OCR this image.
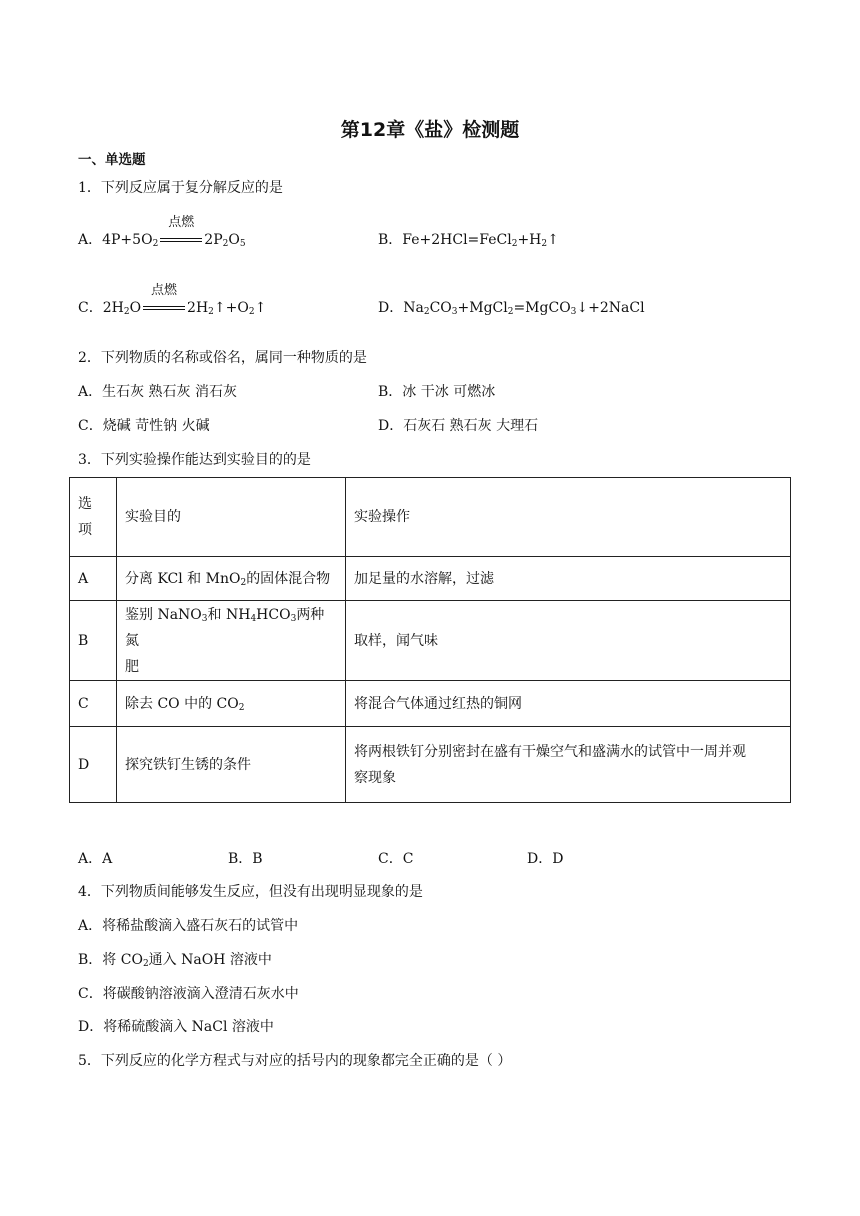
第12章《盐》检测题
一、单选题
1．下列反应属于复分解反应的是
A．$4P+5O_2$
点燃
$2P_2O_5$	B．$Fe+2HCl=FeCl_2+H_2↑$
C．$2H_2O$
点燃
$2H_2↑+O_2↑$	D．$Na_2CO_3+MgCl_2=MgCO_3↓+2NaCl$
2．下列物质的名称或俗名，属同一种物质的是
A．生石灰 熟石灰 消石灰	B．冰 干冰 可燃冰
C．烧碱 苛性钠 火碱	D．石灰石 熟石灰 大理石
3．下列实验操作能达到实验目的的是
选
项	实验目的	实验操作
A	分离 KCl 和 MnO$_2$的固体混合物	加足量的水溶解，过滤
B	鉴别 NaNO$_3$和 $NH_4HCO_3$两种氮
肥	取样，闻气味
C	除去 CO 中的 $CO_2$	将混合气体通过红热的铜网
D	探究铁钉生锈的条件	将两根铁钉分别密封在盛有干燥空气和盛满水的试管中一周并观
察现象
A．A	B．B	C．C	D．D
4．下列物质间能够发生反应，但没有出现明显现象的是
A．将稀盐酸滴入盛石灰石的试管中
B．将 $CO_2$通入 NaOH 溶液中
C．将碳酸钠溶液滴入澄清石灰水中
D．将稀硫酸滴入 NaCl 溶液中
5．下列反应的化学方程式与对应的括号内的现象都完全正确的是（ ）
